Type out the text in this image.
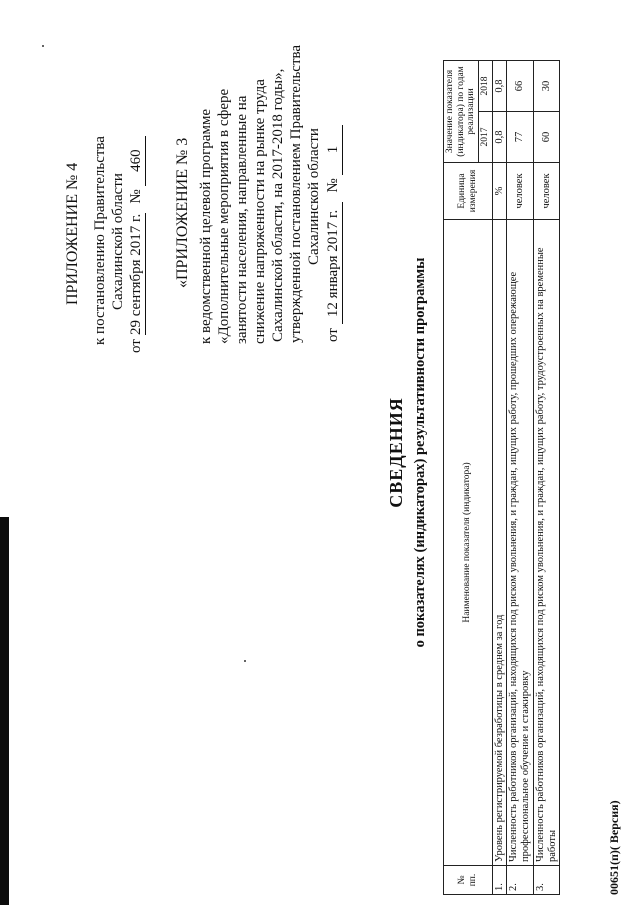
ПРИЛОЖЕНИЕ № 4 к постановлению Правительства Сахалинской области
от 29 сентября 2017 г. № 460 «ПРИЛОЖЕНИЕ № 3 к ведомственной целевой программе «Дополнительные мероприятия в сфере занятости населения, направленные на снижение напряженности на рынке труда Сахалинской области, на 2017-2018 годы», утвержденной постановлением Правительства Сахалинской области
от 12 января 2017 г. № 1
СВЕДЕНИЯ о показателях (индикаторах) результативности программы
№ пп.	Наименование показателя (индикатора)	Единица измерения	Значение показателя (индикатора) по годам реализации	
			2017	2018
1.	Уровень регистрируемой безработицы в среднем за год	%	0,8	0,8
2.	Численность работников организаций, находящихся под риском увольнения, и граждан, ищущих работу, прошедших опережающее профессиональное обучение и стажировку	человек	77	66
3.	Численность работников организаций, находящихся под риском увольнения, и граждан, ищущих работу, трудоустроенных на временные работы	человек	60	30
00651(п)( Версия)
